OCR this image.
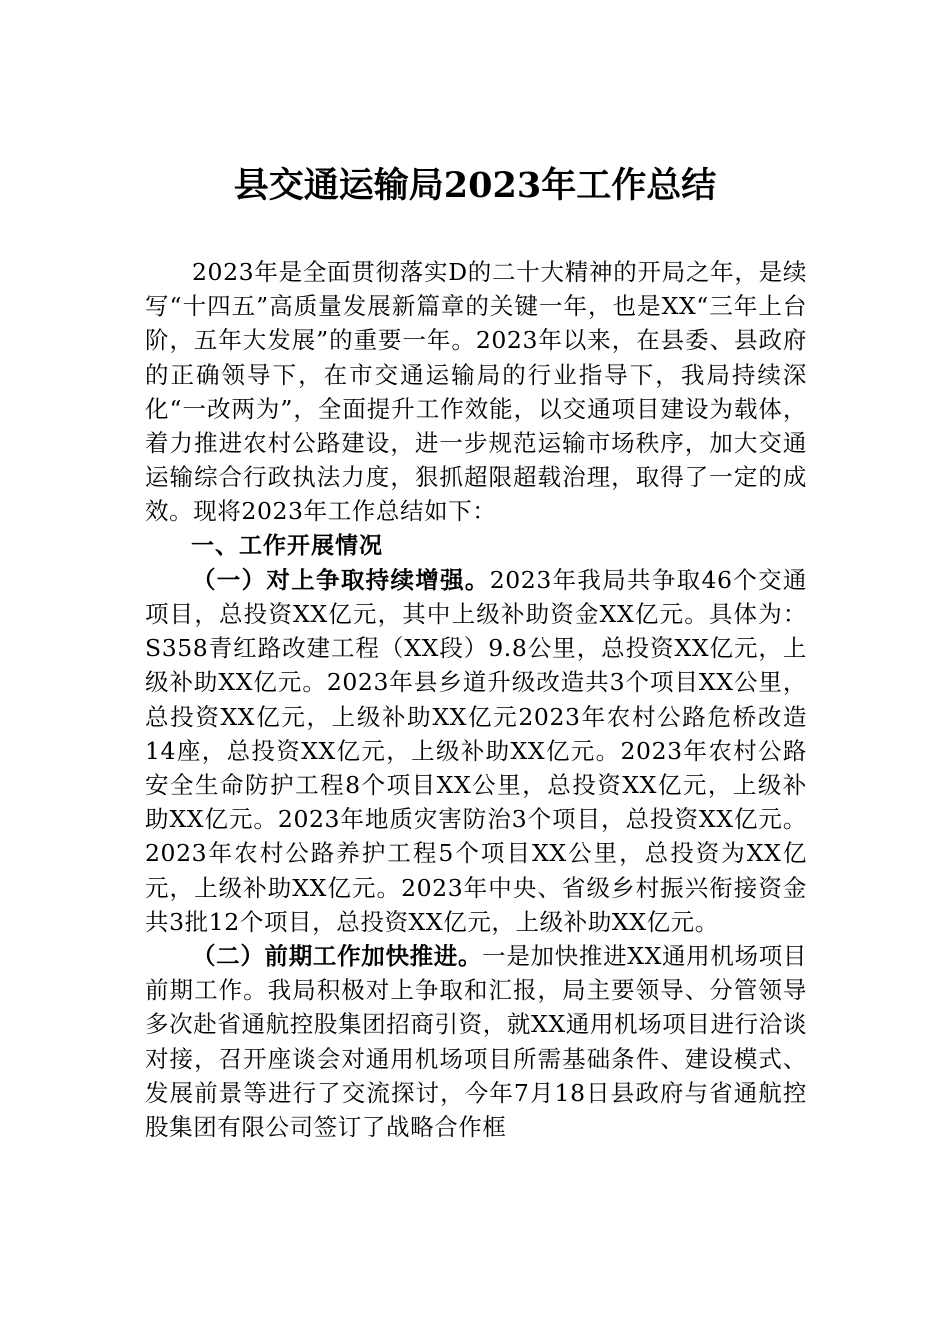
县交通运输局2023年工作总结

2023年是全面贯彻落实D的二十大精神的开局之年，是续写“十四五”高质量发展新篇章的关键一年，也是XX“三年上台阶，五年大发展”的重要一年。2023年以来，在县委、县政府的正确领导下，在市交通运输局的行业指导下，我局持续深化“一改两为”，全面提升工作效能，以交通项目建设为载体，着力推进农村公路建设，进一步规范运输市场秩序，加大交通运输综合行政执法力度，狠抓超限超载治理，取得了一定的成效。现将2023年工作总结如下：

一、工作开展情况

（一）对上争取持续增强。2023年我局共争取46个交通项目，总投资XX亿元，其中上级补助资金XX亿元。具体为：S358青红路改建工程（XX段）9.8公里，总投资XX亿元，上级补助XX亿元。2023年县乡道升级改造共3个项目XX公里，总投资XX亿元，上级补助XX亿元2023年农村公路危桥改造14座，总投资XX亿元，上级补助XX亿元。2023年农村公路安全生命防护工程8个项目XX公里，总投资XX亿元，上级补助XX亿元。2023年地质灾害防治3个项目，总投资XX亿元。2023年农村公路养护工程5个项目XX公里，总投资为XX亿元，上级补助XX亿元。2023年中央、省级乡村振兴衔接资金共3批12个项目，总投资XX亿元，上级补助XX亿元。

（二）前期工作加快推进。一是加快推进XX通用机场项目前期工作。我局积极对上争取和汇报，局主要领导、分管领导多次赴省通航控股集团招商引资，就XX通用机场项目进行洽谈对接，召开座谈会对通用机场项目所需基础条件、建设模式、发展前景等进行了交流探讨，今年7月18日县政府与省通航控股集团有限公司签订了战略合作框
